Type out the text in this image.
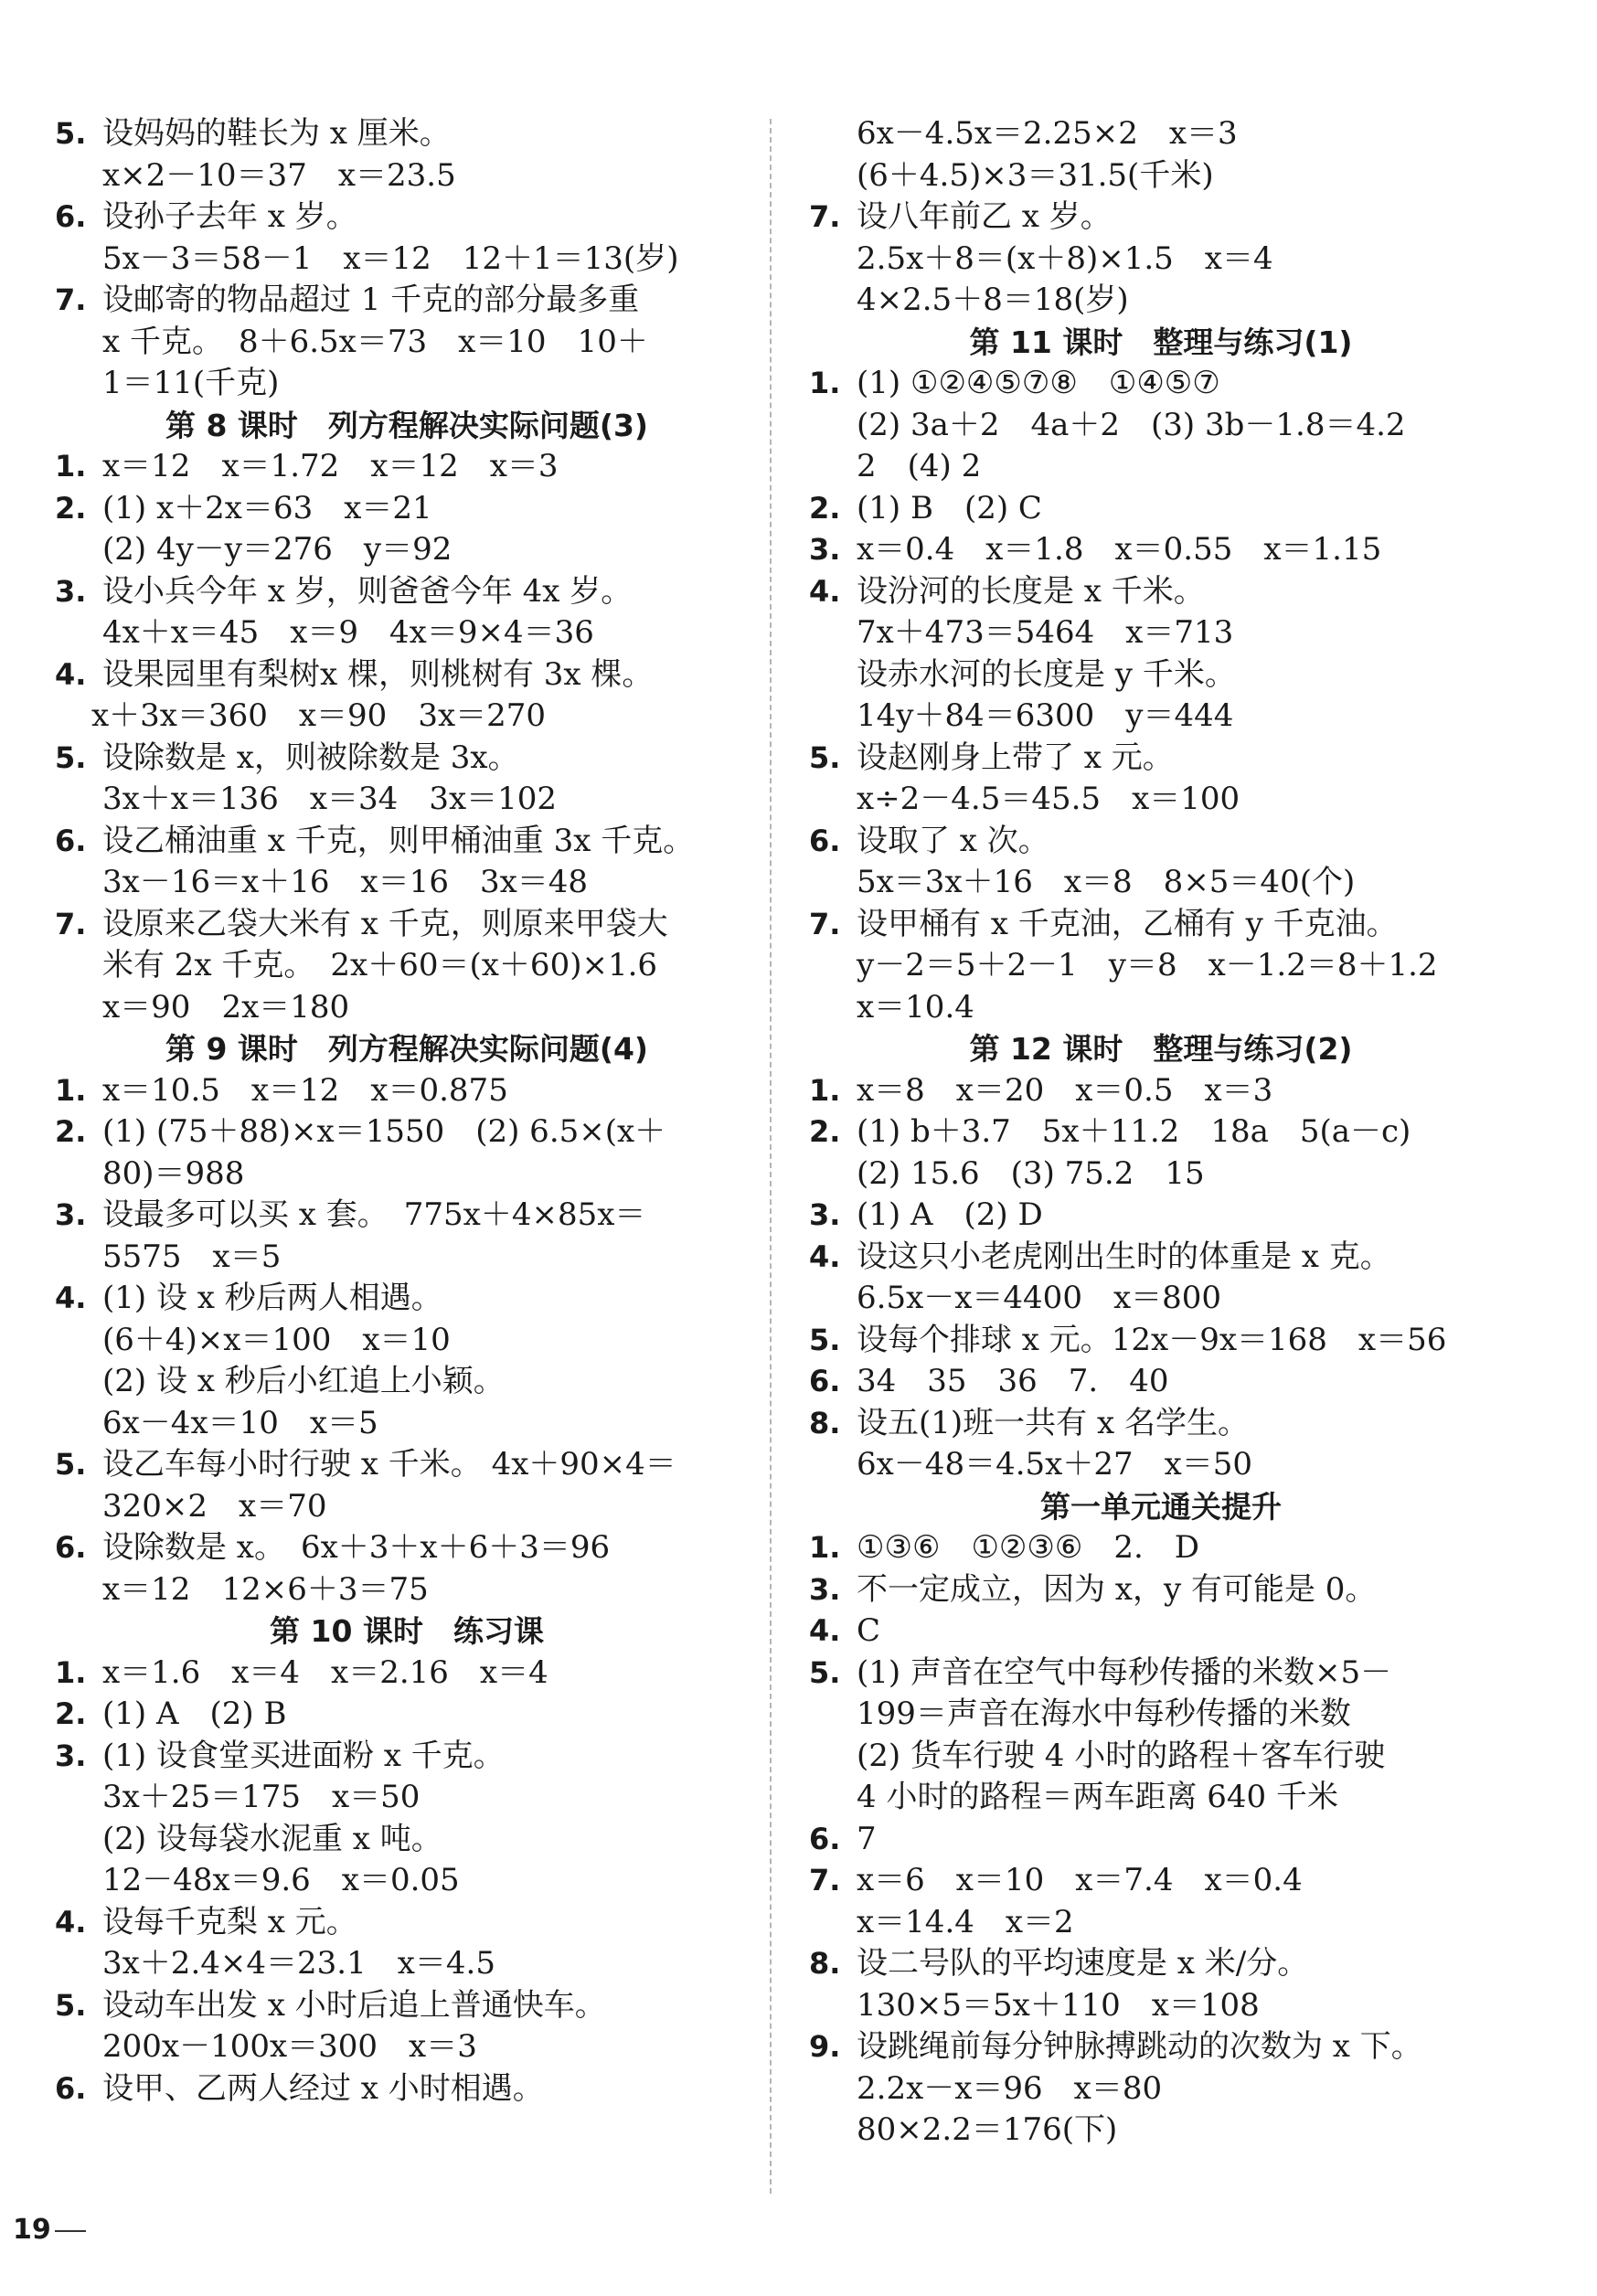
5. 设妈妈的鞋长为 x 厘米。
x×2－10＝37　x＝23.5
6. 设孙子去年 x 岁。
5x－3＝58－1　x＝12　12＋1＝13(岁)
7. 设邮寄的物品超过 1 千克的部分最多重
x 千克。　8＋6.5x＝73　x＝10　10＋
1＝11(千克)
第 8 课时　列方程解决实际问题(3)
1. x＝12　x＝1.72　x＝12　x＝3
2. (1) x＋2x＝63　x＝21
(2) 4y－y＝276　y＝92
3. 设小兵今年 x 岁，则爸爸今年 4x 岁。
4x＋x＝45　x＝9　4x＝9×4＝36
4. 设果园里有梨树x 棵，则桃树有 3x 棵。
x＋3x＝360　x＝90　3x＝270
5. 设除数是 x，则被除数是 3x。
3x＋x＝136　x＝34　3x＝102
6. 设乙桶油重 x 千克，则甲桶油重 3x 千克。
3x－16＝x＋16　x＝16　3x＝48
7. 设原来乙袋大米有 x 千克，则原来甲袋大
米有 2x 千克。　2x＋60＝(x＋60)×1.6
x＝90　2x＝180
第 9 课时　列方程解决实际问题(4)
1. x＝10.5　x＝12　x＝0.875
2. (1) (75＋88)×x＝1550　(2) 6.5×(x＋
80)＝988
3. 设最多可以买 x 套。　775x＋4×85x＝
5575　x＝5
4. (1) 设 x 秒后两人相遇。
(6＋4)×x＝100　x＝10
(2) 设 x 秒后小红追上小颖。
6x－4x＝10　x＝5
5. 设乙车每小时行驶 x 千米。 4x＋90×4＝
320×2　x＝70
6. 设除数是 x。　6x＋3＋x＋6＋3＝96
x＝12　12×6＋3＝75
第 10 课时　练习课
1. x＝1.6　x＝4　x＝2.16　x＝4
2. (1) A　(2) B
3. (1) 设食堂买进面粉 x 千克。
3x＋25＝175　x＝50
(2) 设每袋水泥重 x 吨。
12－48x＝9.6　x＝0.05
4. 设每千克梨 x 元。
3x＋2.4×4＝23.1　x＝4.5
5. 设动车出发 x 小时后追上普通快车。
200x－100x＝300　x＝3
6. 设甲、乙两人经过 x 小时相遇。
6x－4.5x＝2.25×2　x＝3
(6＋4.5)×3＝31.5(千米)
7. 设八年前乙 x 岁。
2.5x＋8＝(x＋8)×1.5　x＝4
4×2.5＋8＝18(岁)
第 11 课时　整理与练习(1)
1. (1) ①②④⑤⑦⑧　①④⑤⑦
(2) 3a＋2　4a＋2　(3) 3b－1.8＝4.2
2　(4) 2
2. (1) B　(2) C
3. x＝0.4　x＝1.8　x＝0.55　x＝1.15
4. 设汾河的长度是 x 千米。
7x＋473＝5464　x＝713
设赤水河的长度是 y 千米。
14y＋84＝6300　y＝444
5. 设赵刚身上带了 x 元。
x÷2－4.5＝45.5　x＝100
6. 设取了 x 次。
5x＝3x＋16　x＝8　8×5＝40(个)
7. 设甲桶有 x 千克油，乙桶有 y 千克油。
y－2＝5＋2－1　y＝8　x－1.2＝8＋1.2
x＝10.4
第 12 课时　整理与练习(2)
1. x＝8　x＝20　x＝0.5　x＝3
2. (1) b＋3.7　5x＋11.2　18a　5(a－c)
(2) 15.6　(3) 75.2　15
3. (1) A　(2) D
4. 设这只小老虎刚出生时的体重是 x 克。
6.5x－x＝4400　x＝800
5. 设每个排球 x 元。12x－9x＝168　x＝56
6. 34　35　36　7.　40
8. 设五(1)班一共有 x 名学生。
6x－48＝4.5x＋27　x＝50
第一单元通关提升
1. ①③⑥　①②③⑥　2.　D
3. 不一定成立，因为 x，y 有可能是 0。
4. C
5. (1) 声音在空气中每秒传播的米数×5－
199＝声音在海水中每秒传播的米数
(2) 货车行驶 4 小时的路程＋客车行驶
4 小时的路程＝两车距离 640 千米
6. 7
7. x＝6　x＝10　x＝7.4　x＝0.4
x＝14.4　x＝2
8. 设二号队的平均速度是 x 米/分。
130×5＝5x＋110　x＝108
9. 设跳绳前每分钟脉搏跳动的次数为 x 下。
2.2x－x＝96　x＝80
80×2.2＝176(下)
19
